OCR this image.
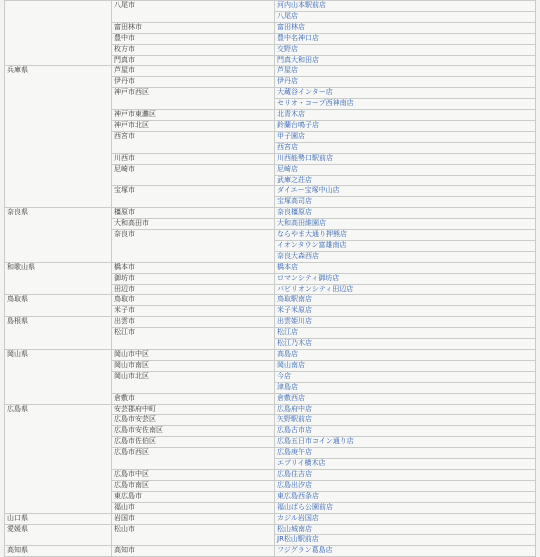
	八尾市	河内山本駅前店
		八尾店
	富田林市	富田林店
	豊中市	豊中名神口店
	枚方市	交野店
	門真市	門真大和田店
兵庫県	芦屋市	芦屋店
	伊丹市	伊丹店
	神戸市西区	大蔵谷インター店
		セリオ・コープ西神南店
	神戸市東灘区	北青木店
	神戸市北区	鈴蘭台鳴子店
	西宮市	甲子園店
		西宮店
	川西市	川西能勢口駅前店
	尼崎市	尼崎店
		武庫之荘店
	宝塚市	ダイエー宝塚中山店
		宝塚高司店
奈良県	橿原市	奈良橿原店
	大和高田市	大和高田維園店
	奈良市	ならやま大通り押熊店
		イオンタウン富雄南店
		奈良大森西店
和歌山県	橋本市	橋本店
	御坊市	ロマンシティ御坊店
	田辺市	パビリオンシティ田辺店
鳥取県	鳥取市	鳥取駅南店
	米子市	米子米原店
島根県	出雲市	出雲姫川店
	松江市	松江店
		松江乃木店
岡山県	岡山市中区	高島店
	岡山市南区	岡山南店
	岡山市北区	今店
		津島店
	倉敷市	倉敷西店
広島県	安芸郡府中町	広島府中店
	広島市安芸区	矢野駅前店
	広島市安佐南区	広島古市店
	広島市佐伯区	広島五日市コイン通り店
	広島市西区	広島庚午店
		エブリイ横木店
	広島市中区	広島住吉店
	広島市南区	広島出汐店
	東広島市	東広島西条店
	福山市	福山ばら公園前店
山口県	岩国市	カジル岩国店
愛媛県	松山市	松山城南店
		JR松山駅前店
高知県	高知市	フジグラン葛島店
